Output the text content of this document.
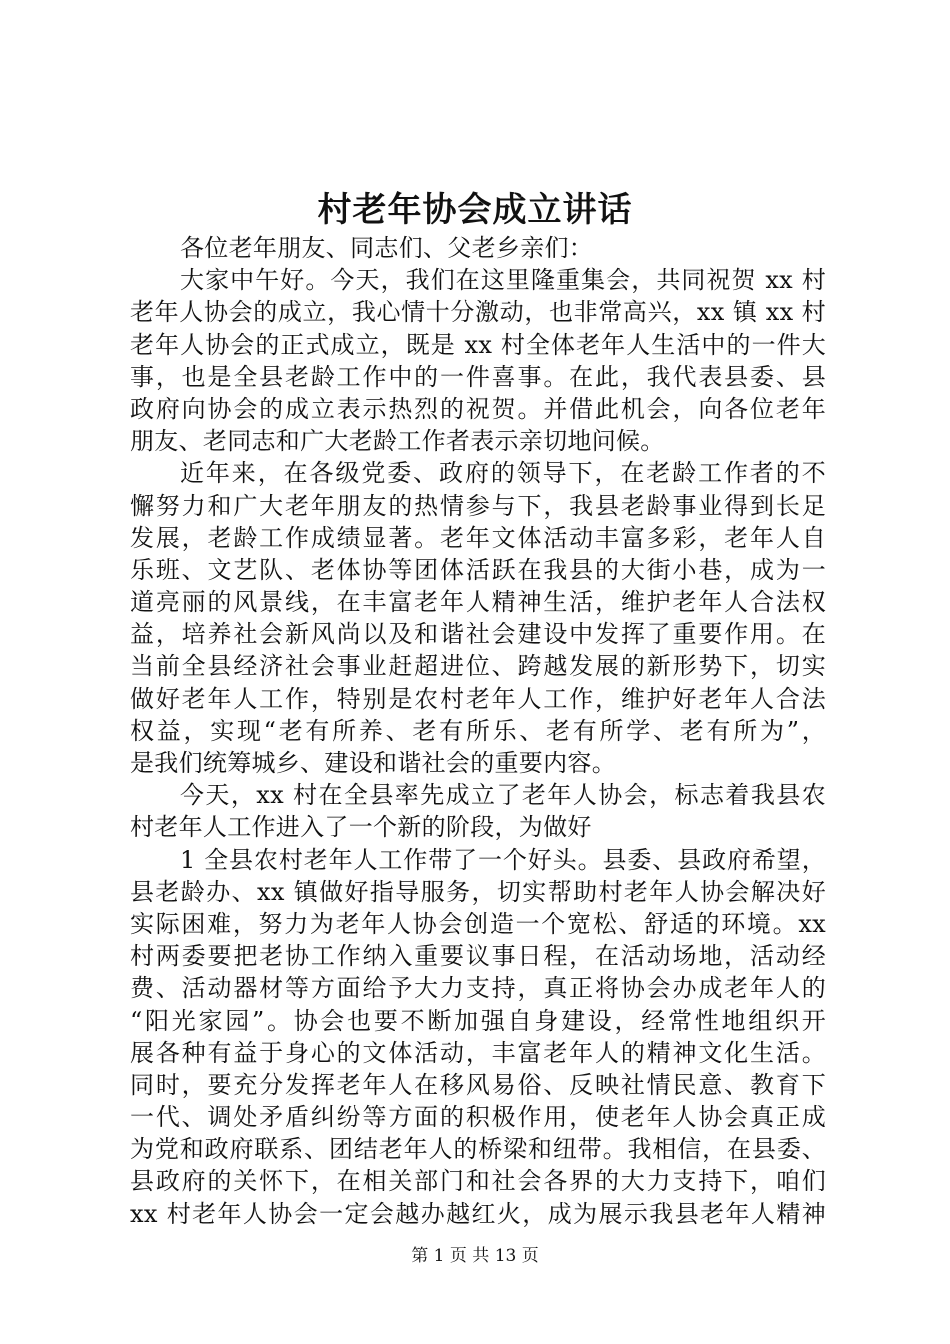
村老年协会成立讲话
各位老年朋友、同志们、父老乡亲们：
大家中午好。今天，我们在这里隆重集会，共同祝贺 xx 村
老年人协会的成立，我心情十分激动，也非常高兴，xx 镇 xx 村
老年人协会的正式成立，既是 xx 村全体老年人生活中的一件大
事，也是全县老龄工作中的一件喜事。在此，我代表县委、县
政府向协会的成立表示热烈的祝贺。并借此机会，向各位老年
朋友、老同志和广大老龄工作者表示亲切地问候。
近年来，在各级党委、政府的领导下，在老龄工作者的不
懈努力和广大老年朋友的热情参与下，我县老龄事业得到长足
发展，老龄工作成绩显著。老年文体活动丰富多彩，老年人自
乐班、文艺队、老体协等团体活跃在我县的大街小巷，成为一
道亮丽的风景线，在丰富老年人精神生活，维护老年人合法权
益，培养社会新风尚以及和谐社会建设中发挥了重要作用。在
当前全县经济社会事业赶超进位、跨越发展的新形势下，切实
做好老年人工作，特别是农村老年人工作，维护好老年人合法
权益，实现“老有所养、老有所乐、老有所学、老有所为”，
是我们统筹城乡、建设和谐社会的重要内容。
今天，xx 村在全县率先成立了老年人协会，标志着我县农
村老年人工作进入了一个新的阶段，为做好
1 全县农村老年人工作带了一个好头。县委、县政府希望，
县老龄办、xx 镇做好指导服务，切实帮助村老年人协会解决好
实际困难，努力为老年人协会创造一个宽松、舒适的环境。xx
村两委要把老协工作纳入重要议事日程，在活动场地，活动经
费、活动器材等方面给予大力支持，真正将协会办成老年人的
“阳光家园”。协会也要不断加强自身建设，经常性地组织开
展各种有益于身心的文体活动，丰富老年人的精神文化生活。
同时，要充分发挥老年人在移风易俗、反映社情民意、教育下
一代、调处矛盾纠纷等方面的积极作用，使老年人协会真正成
为党和政府联系、团结老年人的桥梁和纽带。我相信，在县委、
县政府的关怀下，在相关部门和社会各界的大力支持下，咱们
xx 村老年人协会一定会越办越红火，成为展示我县老年人精神
第 1 页 共 13 页
